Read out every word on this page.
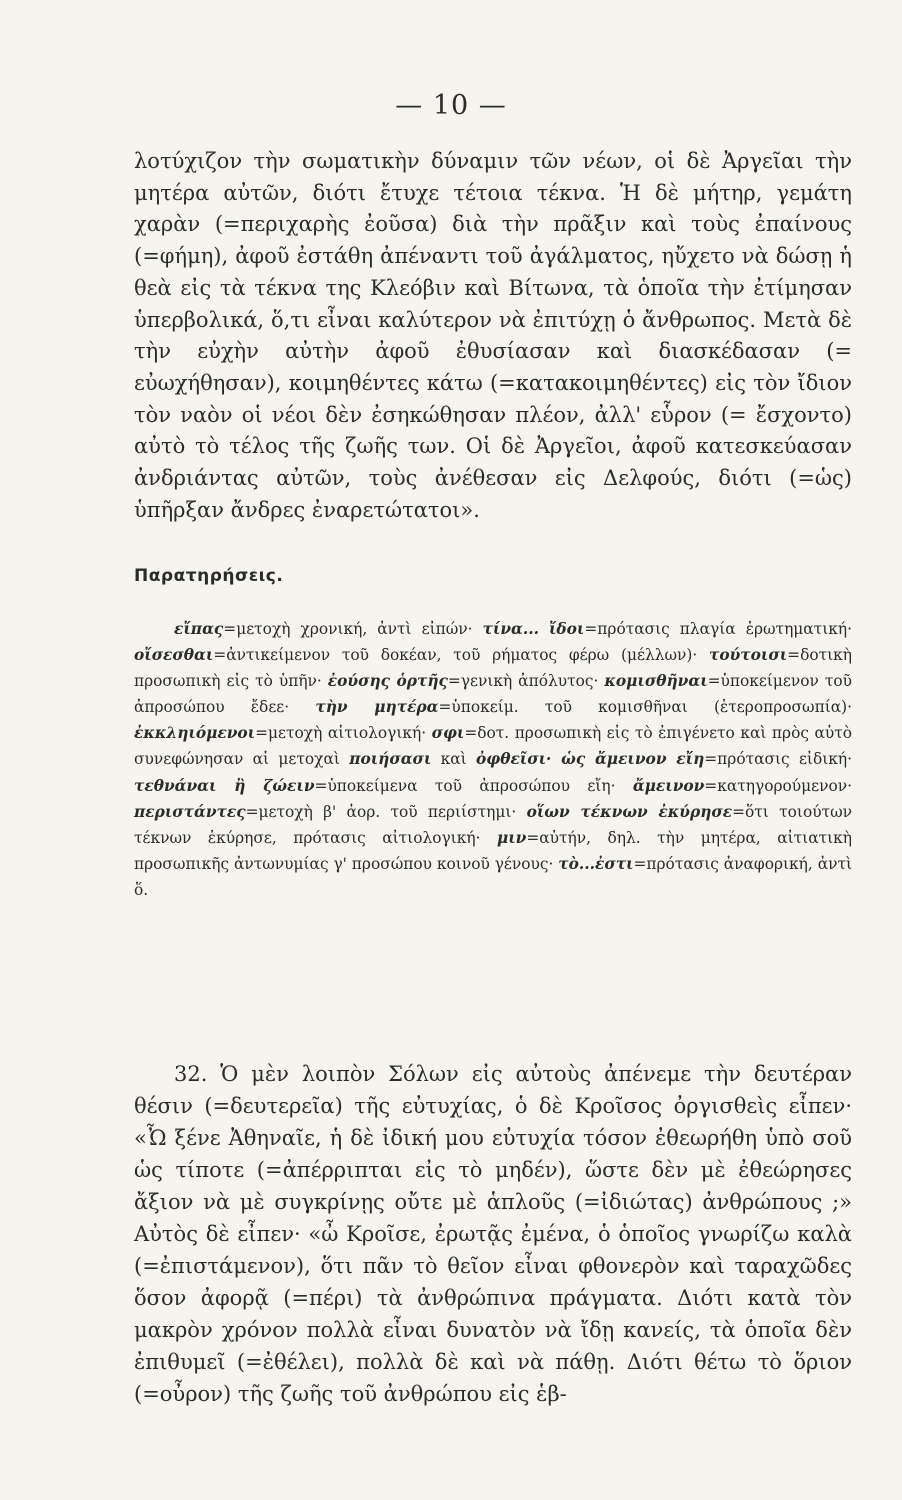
— 10 —

λοτύχιζον τὴν σωματικὴν δύναμιν τῶν νέων, οἱ δὲ Ἀργεῖαι τὴν μητέρα αὐτῶν, διότι ἔτυχε τέτοια τέκνα. Ἡ δὲ μήτηρ, γεμάτη χαρὰν (=περιχαρὴς ἐοῦσα) διὰ τὴν πρᾶξιν καὶ τοὺς ἐπαίνους (=φήμη), ἀφοῦ ἐστάθη ἀπέναντι τοῦ ἀγάλματος, ηὔχετο νὰ δώσῃ ἡ θεὰ εἰς τὰ τέκνα της Κλεόβιν καὶ Βίτωνα, τὰ ὁποῖα τὴν ἐτίμησαν ὑπερβολικά, ὅ,τι εἶναι καλύτερον νὰ ἐπιτύχῃ ὁ ἄνθρωπος. Μετὰ δὲ τὴν εὐχὴν αὐτὴν ἀφοῦ ἐθυσίασαν καὶ διασκέδασαν (= εὐωχήθησαν), κοιμηθέντες κάτω (=κατακοιμηθέντες) εἰς τὸν ἴδιον τὸν ναὸν οἱ νέοι δὲν ἐσηκώθησαν πλέον, ἀλλ' εὗρον (= ἔσχοντο) αὐτὸ τὸ τέλος τῆς ζωῆς των. Οἱ δὲ Ἀργεῖοι, ἀφοῦ κατεσκεύασαν ἀνδριάντας αὐτῶν, τοὺς ἀνέθεσαν εἰς Δελφούς, διότι (=ὡς) ὑπῆρξαν ἄνδρες ἐναρετώτατοι».

Παρατηρήσεις.

εἴπας=μετοχὴ χρονική, ἀντὶ εἰπών· τίνα... ἴδοι=πρότασις πλαγία ἐρωτηματική· οἴσεσθαι=ἀντικείμενον τοῦ δοκέαν, τοῦ ρήματος φέρω (μέλλων)· τούτοισι=δοτικὴ προσωπικὴ εἰς τὸ ὑπῆν· ἐούσης ὁρτῆς=γενικὴ ἀπόλυτος· κομισθῆναι=ὑποκείμενον τοῦ ἀπροσώπου ἔδεε· τὴν μητέρα=ὑποκείμ. τοῦ κομισθῆναι (ἑτεροπροσωπία)· ἐκκληιόμενοι=μετοχὴ αἰτιολογική· σφι=δοτ. προσωπικὴ εἰς τὸ ἐπιγένετο καὶ πρὸς αὐτὸ συνεφώνησαν αἱ μετοχαὶ ποιήσασι καὶ ὀφθεῖσι· ὡς ἄμεινον εἴη=πρότασις εἰδική· τεθνάναι ἢ ζώειν=ὑποκείμενα τοῦ ἀπροσώπου εἴη· ἄμεινον=κατηγορούμενον· περιστάντες=μετοχὴ β' ἀορ. τοῦ περιίστημι· οἵων τέκνων ἐκύρησε=ὅτι τοιούτων τέκνων ἐκύρησε, πρότασις αἰτιολογική· μιν=αὐτήν, δηλ. τὴν μητέρα, αἰτιατικὴ προσωπικῆς ἀντωνυμίας γ' προσώπου κοινοῦ γένους· τὸ...ἐστι=πρότασις ἀναφορική, ἀντὶ ὅ.

32. Ὁ μὲν λοιπὸν Σόλων εἰς αὐτοὺς ἀπένεμε τὴν δευτέραν θέσιν (=δευτερεῖα) τῆς εὐτυχίας, ὁ δὲ Κροῖσος ὀργισθεὶς εἶπεν· «Ὦ ξένε Ἀθηναῖε, ἡ δὲ ἰδική μου εὐτυχία τόσον ἐθεωρήθη ὑπὸ σοῦ ὡς τίποτε (=ἀπέρριπται εἰς τὸ μηδέν), ὥστε δὲν μὲ ἐθεώρησες ἄξιον νὰ μὲ συγκρίνῃς οὔτε μὲ ἁπλοῦς (=ἰδιώτας) ἀνθρώπους ;» Αὐτὸς δὲ εἶπεν· «ὦ Κροῖσε, ἐρωτᾷς ἐμένα, ὁ ὁποῖος γνωρίζω καλὰ (=ἐπιστάμενον), ὅτι πᾶν τὸ θεῖον εἶναι φθονερὸν καὶ ταραχῶδες ὅσον ἀφορᾷ (=πέρι) τὰ ἀνθρώπινα πράγματα. Διότι κατὰ τὸν μακρὸν χρόνον πολλὰ εἶναι δυνατὸν νὰ ἴδῃ κανείς, τὰ ὁποῖα δὲν ἐπιθυμεῖ (=ἐθέλει), πολλὰ δὲ καὶ νὰ πάθῃ. Διότι θέτω τὸ ὅριον (=οὖρον) τῆς ζωῆς τοῦ ἀνθρώπου εἰς ἑβ-
